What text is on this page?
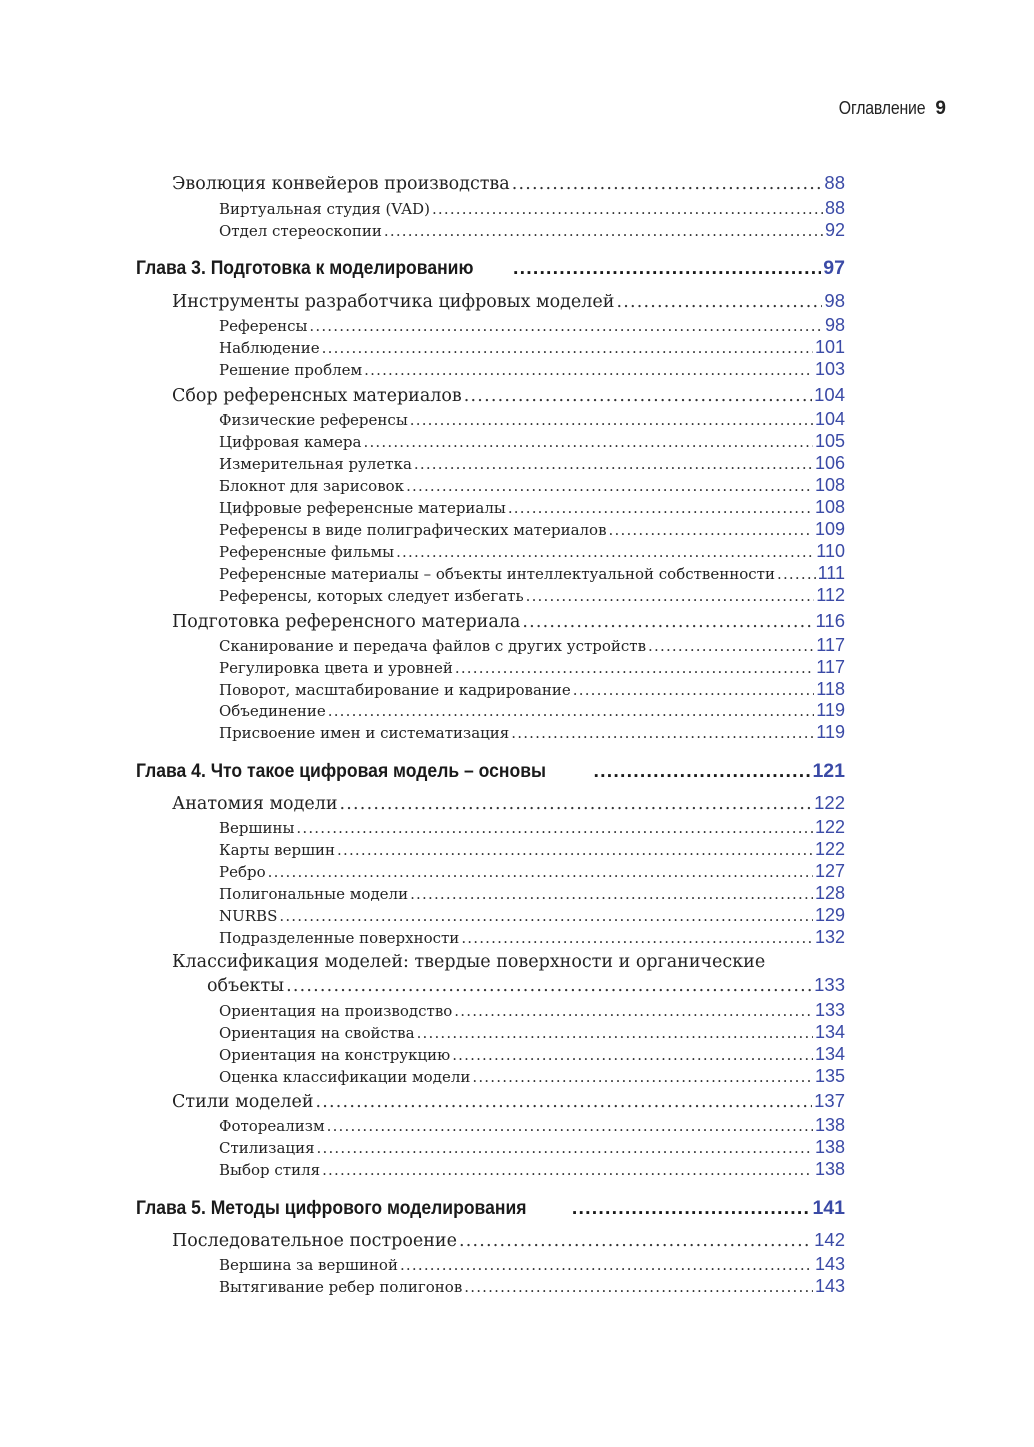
Оглавление 9
Эволюция конвейеров производства .....	88
Виртуальная студия (VAD) .....	88
Отдел стереоскопии .....	92
Глава 3. Подготовка к моделированию .....	97
Инструменты разработчика цифровых моделей .....	98
Референсы .....	98
Наблюдение .....	101
Решение проблем .....	103
Сбор референсных материалов .....	104
Физические референсы .....	104
Цифровая камера .....	105
Измерительная рулетка .....	106
Блокнот для зарисовок .....	108
Цифровые референсные материалы .....	108
Референсы в виде полиграфических материалов .....	109
Референсные фильмы .....	110
Референсные материалы – объекты интеллектуальной собственности ..... 111
Референсы, которых следует избегать .....	112
Подготовка референсного материала .....	116
Сканирование и передача файлов с других устройств .....	117
Регулировка цвета и уровней .....	117
Поворот, масштабирование и кадрирование .....	118
Объединение .....	119
Присвоение имен и систематизация .....	119
Глава 4. Что такое цифровая модель – основы .....	121
Анатомия модели .....	122
Вершины .....	122
Карты вершин .....	122
Ребро .....	127
Полигональные модели .....	128
NURBS .....	129
Подразделенные поверхности .....	132
Классификация моделей: твердые поверхности и органические
объекты .....	133
Ориентация на производство .....	133
Ориентация на свойства .....	134
Ориентация на конструкцию .....	134
Оценка классификации модели .....	135
Стили моделей .....	137
Фотореализм .....	138
Стилизация .....	138
Выбор стиля .....	138
Глава 5. Методы цифрового моделирования .....	141
Последовательное построение .....	142
Вершина за вершиной .....	143
Вытягивание ребер полигонов .....	143
